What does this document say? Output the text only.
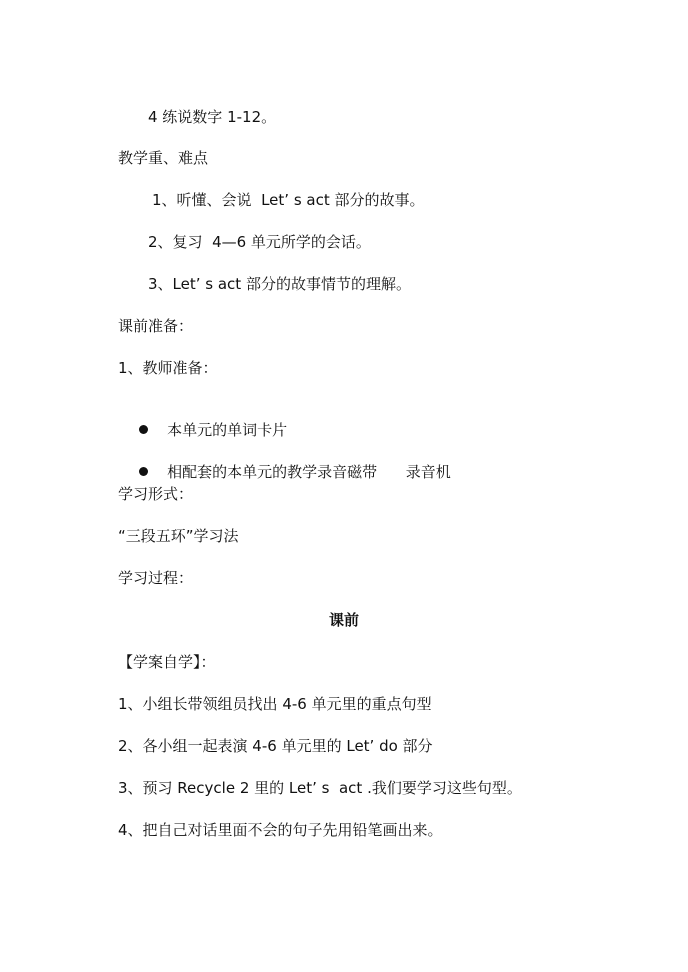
4 练说数字 1-12。
教学重、难点
1、听懂、会说  Let’ s act 部分的故事。
2、复习  4—6 单元所学的会话。
3、Let’ s act 部分的故事情节的理解。
课前准备：
1、教师准备：

本单元的单词卡片

相配套的本单元的教学录音磁带      录音机

学习形式：
“三段五环”学习法
学习过程：
课前
【学案自学】：
1、小组长带领组员找出 4-6 单元里的重点句型
2、各小组一起表演 4-6 单元里的 Let’ do 部分
3、预习 Recycle 2 里的 Let’ s  act .我们要学习这些句型。
4、把自己对话里面不会的句子先用铅笔画出来。
